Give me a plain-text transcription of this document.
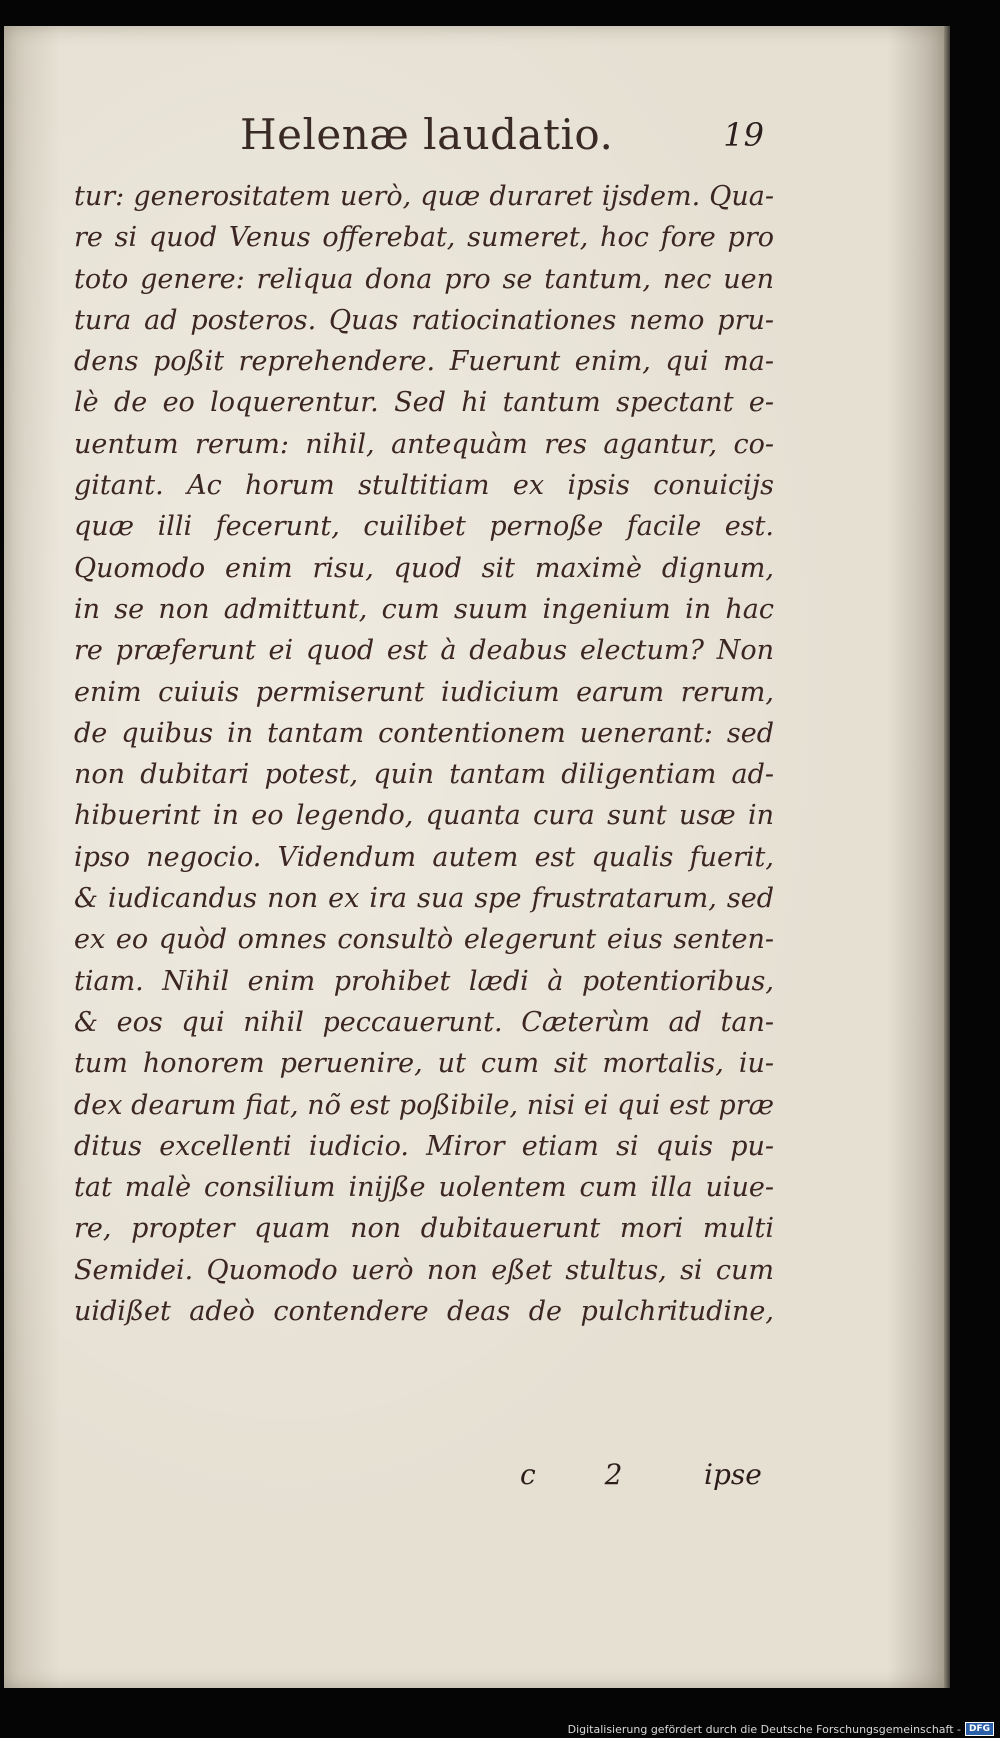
Helenæ laudatio.	19
tur: generositatem uerò, quæ duraret ijsdem. Qua-
re si quod Venus offerebat, sumeret, hoc fore pro
toto genere: reliqua dona pro se tantum, nec uen
tura ad posteros. Quas ratiocinationes nemo pru-
dens poßit reprehendere. Fuerunt enim, qui ma-
lè de eo loquerentur. Sed hi tantum spectant e-
uentum rerum: nihil, antequàm res agantur, co-
gitant. Ac horum stultitiam ex ipsis conuicijs
quæ illi fecerunt, cuilibet pernoße facile est.
Quomodo enim risu, quod sit maximè dignum,
in se non admittunt, cum suum ingenium in hac
re præferunt ei quod est à deabus electum? Non
enim cuiuis permiserunt iudicium earum rerum,
de quibus in tantam contentionem uenerant: sed
non dubitari potest, quin tantam diligentiam ad-
hibuerint in eo legendo, quanta cura sunt usæ in
ipso negocio. Videndum autem est qualis fuerit,
& iudicandus non ex ira sua spe frustratarum, sed
ex eo quòd omnes consultò elegerunt eius senten-
tiam. Nihil enim prohibet lædi à potentioribus,
& eos qui nihil peccauerunt. Cæterùm ad tan-
tum honorem peruenire, ut cum sit mortalis, iu-
dex dearum fiat, nõ est poßibile, nisi ei qui est præ
ditus excellenti iudicio. Miror etiam si quis pu-
tat malè consilium inijße uolentem cum illa uiue-
re, propter quam non dubitauerunt mori multi
Semidei. Quomodo uerò non eßet stultus, si cum
uidißet adeò contendere deas de pulchritudine,
c 2 ipse
Digitalisierung gefördert durch die Deutsche Forschungsgemeinschaft - DFG
